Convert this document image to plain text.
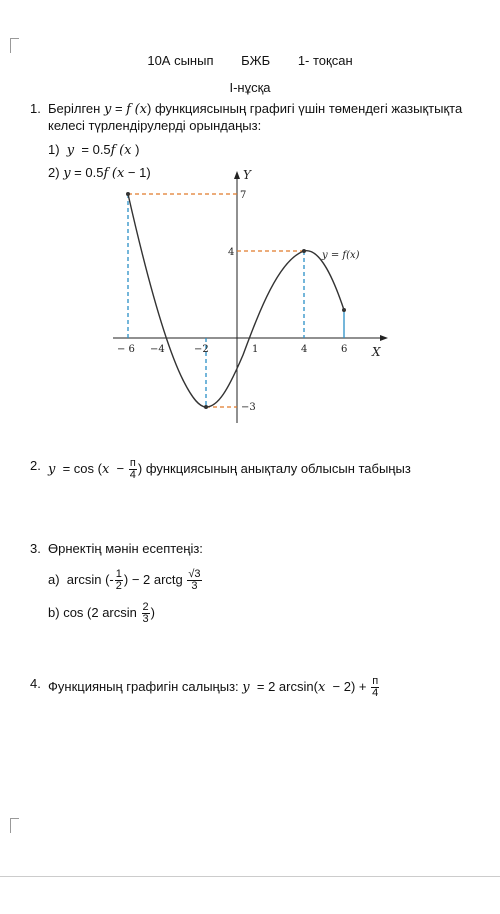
10А сынып БЖБ 1- тоқсан
І-нұсқа
1. Берілген y = f (x) функциясының графигі үшін төмендегі жазықтықта
келесі түрлендірулерді орындаңыз:
1) y = 0.5f (x )
2) y = 0.5f (x − 1)
X
Y
y = f(x)
− 6 −4	−2	1	4	6
7
4
−3
2. $y = \cos (x - \frac{п}{4}$ ) функциясының анықталу облысын табыңыз
3. Өрнектің мәнін есептеңіз:
a) arcsin (- $\frac{1}{2}$ ) − 2 arctg $\frac{√3}{3}$
b) cos (2 $\arcsin \frac{2}{3}$ )
4. Функцияның графигін салыңыз: y = 2 $\arcsin(x - 2) + \frac{п}{4}$
